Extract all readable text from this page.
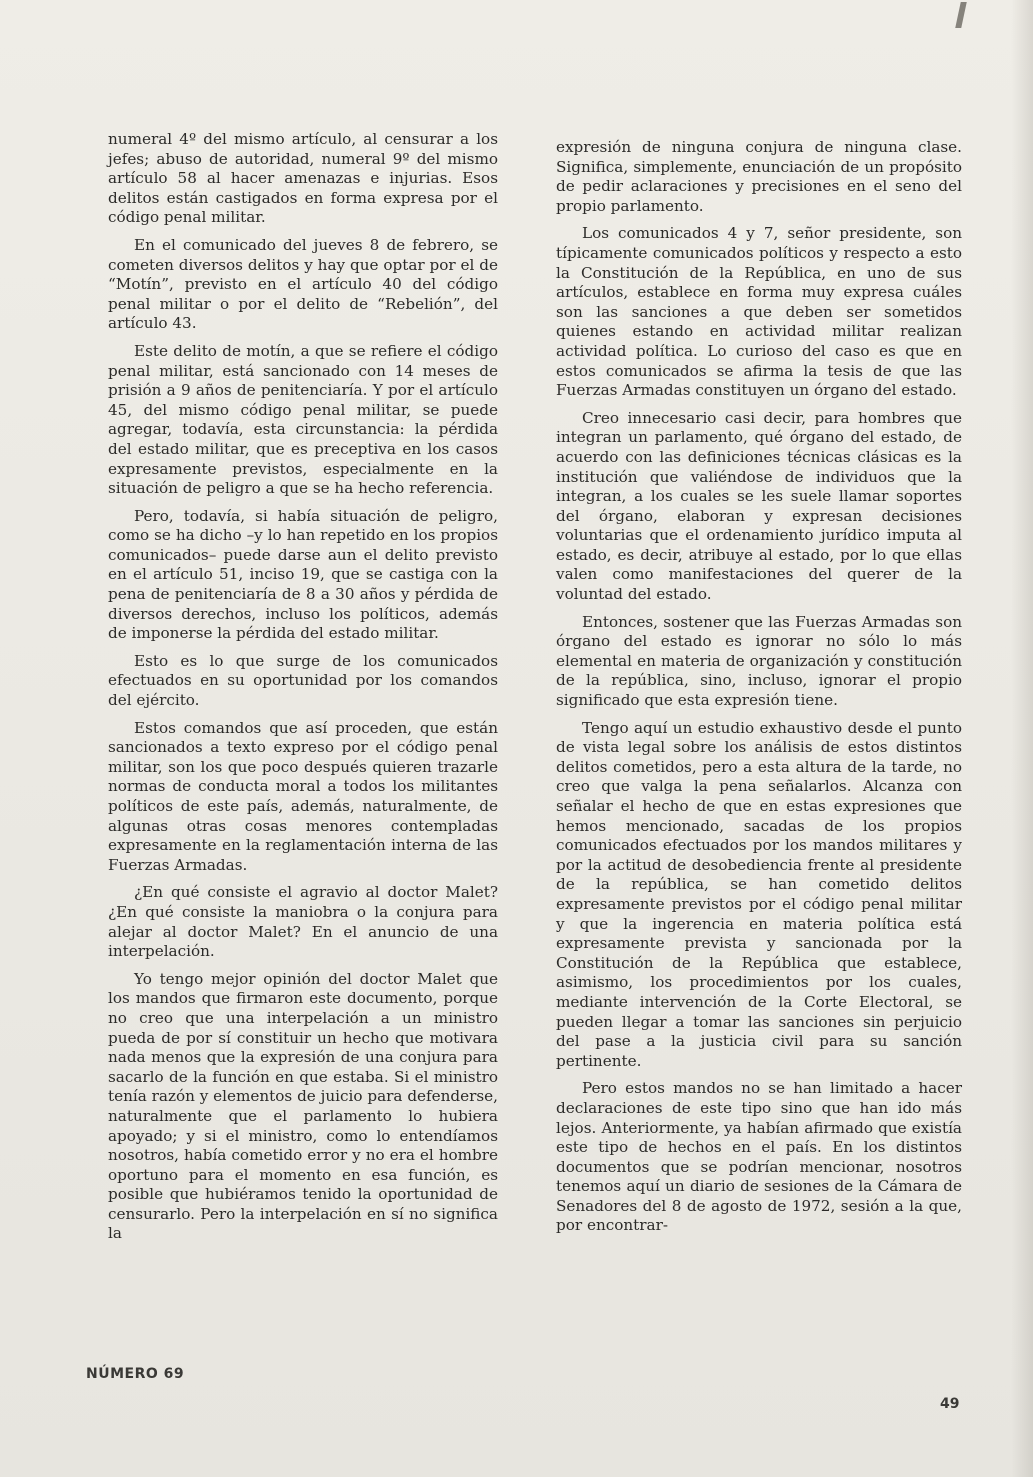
numeral 4º del mismo artículo, al censurar a los jefes; abuso de autoridad, numeral 9º del mismo artículo 58 al hacer amenazas e injurias. Esos delitos están castigados en forma expresa por el código penal militar.

En el comunicado del jueves 8 de febrero, se cometen diversos delitos y hay que optar por el de “Motín”, previsto en el artículo 40 del código penal militar o por el delito de “Rebelión”, del artículo 43.

Este delito de motín, a que se refiere el código penal militar, está sancionado con 14 meses de prisión a 9 años de penitenciaría. Y por el artículo 45, del mismo código penal militar, se puede agregar, todavía, esta circunstancia: la pérdida del estado militar, que es preceptiva en los casos expresamente previstos, especialmente en la situación de peligro a que se ha hecho referencia.

Pero, todavía, si había situación de peligro, como se ha dicho –y lo han repetido en los propios comunicados– puede darse aun el delito previsto en el artículo 51, inciso 19, que se castiga con la pena de penitenciaría de 8 a 30 años y pérdida de diversos derechos, incluso los políticos, además de imponerse la pérdida del estado militar.

Esto es lo que surge de los comunicados efectuados en su oportunidad por los comandos del ejército.

Estos comandos que así proceden, que están sancionados a texto expreso por el código penal militar, son los que poco después quieren trazarle normas de conducta moral a todos los militantes políticos de este país, además, naturalmente, de algunas otras cosas menores contempladas expresamente en la reglamentación interna de las Fuerzas Armadas.

¿En qué consiste el agravio al doctor Malet? ¿En qué consiste la maniobra o la conjura para alejar al doctor Malet? En el anuncio de una interpelación.

Yo tengo mejor opinión del doctor Malet que los mandos que firmaron este documento, porque no creo que una interpelación a un ministro pueda de por sí constituir un hecho que motivara nada menos que la expresión de una conjura para sacarlo de la función en que estaba. Si el ministro tenía razón y elementos de juicio para defenderse, naturalmente que el parlamento lo hubiera apoyado; y si el ministro, como lo entendíamos nosotros, había cometido error y no era el hombre oportuno para el momento en esa función, es posible que hubiéramos tenido la oportunidad de censurarlo. Pero la interpelación en sí no significa la

expresión de ninguna conjura de ninguna clase. Significa, simplemente, enunciación de un propósito de pedir aclaraciones y precisiones en el seno del propio parlamento.

Los comunicados 4 y 7, señor presidente, son típicamente comunicados políticos y respecto a esto la Constitución de la República, en uno de sus artículos, establece en forma muy expresa cuáles son las sanciones a que deben ser sometidos quienes estando en actividad militar realizan actividad política. Lo curioso del caso es que en estos comunicados se afirma la tesis de que las Fuerzas Armadas constituyen un órgano del estado.

Creo innecesario casi decir, para hombres que integran un parlamento, qué órgano del estado, de acuerdo con las definiciones técnicas clásicas es la institución que valiéndose de individuos que la integran, a los cuales se les suele llamar soportes del órgano, elaboran y expresan decisiones voluntarias que el ordenamiento jurídico imputa al estado, es decir, atribuye al estado, por lo que ellas valen como manifestaciones del querer de la voluntad del estado.

Entonces, sostener que las Fuerzas Armadas son órgano del estado es ignorar no sólo lo más elemental en materia de organización y constitución de la república, sino, incluso, ignorar el propio significado que esta expresión tiene.

Tengo aquí un estudio exhaustivo desde el punto de vista legal sobre los análisis de estos distintos delitos cometidos, pero a esta altura de la tarde, no creo que valga la pena señalarlos. Alcanza con señalar el hecho de que en estas expresiones que hemos mencionado, sacadas de los propios comunicados efectuados por los mandos militares y por la actitud de desobediencia frente al presidente de la república, se han cometido delitos expresamente previstos por el código penal militar y que la ingerencia en materia política está expresamente prevista y sancionada por la Constitución de la República que establece, asimismo, los procedimientos por los cuales, mediante intervención de la Corte Electoral, se pueden llegar a tomar las sanciones sin perjuicio del pase a la justicia civil para su sanción pertinente.

Pero estos mandos no se han limitado a hacer declaraciones de este tipo sino que han ido más lejos. Anteriormente, ya habían afirmado que existía este tipo de hechos en el país. En los distintos documentos que se podrían mencionar, nosotros tenemos aquí un diario de sesiones de la Cámara de Senadores del 8 de agosto de 1972, sesión a la que, por encontrar-

NÚMERO 69
49
